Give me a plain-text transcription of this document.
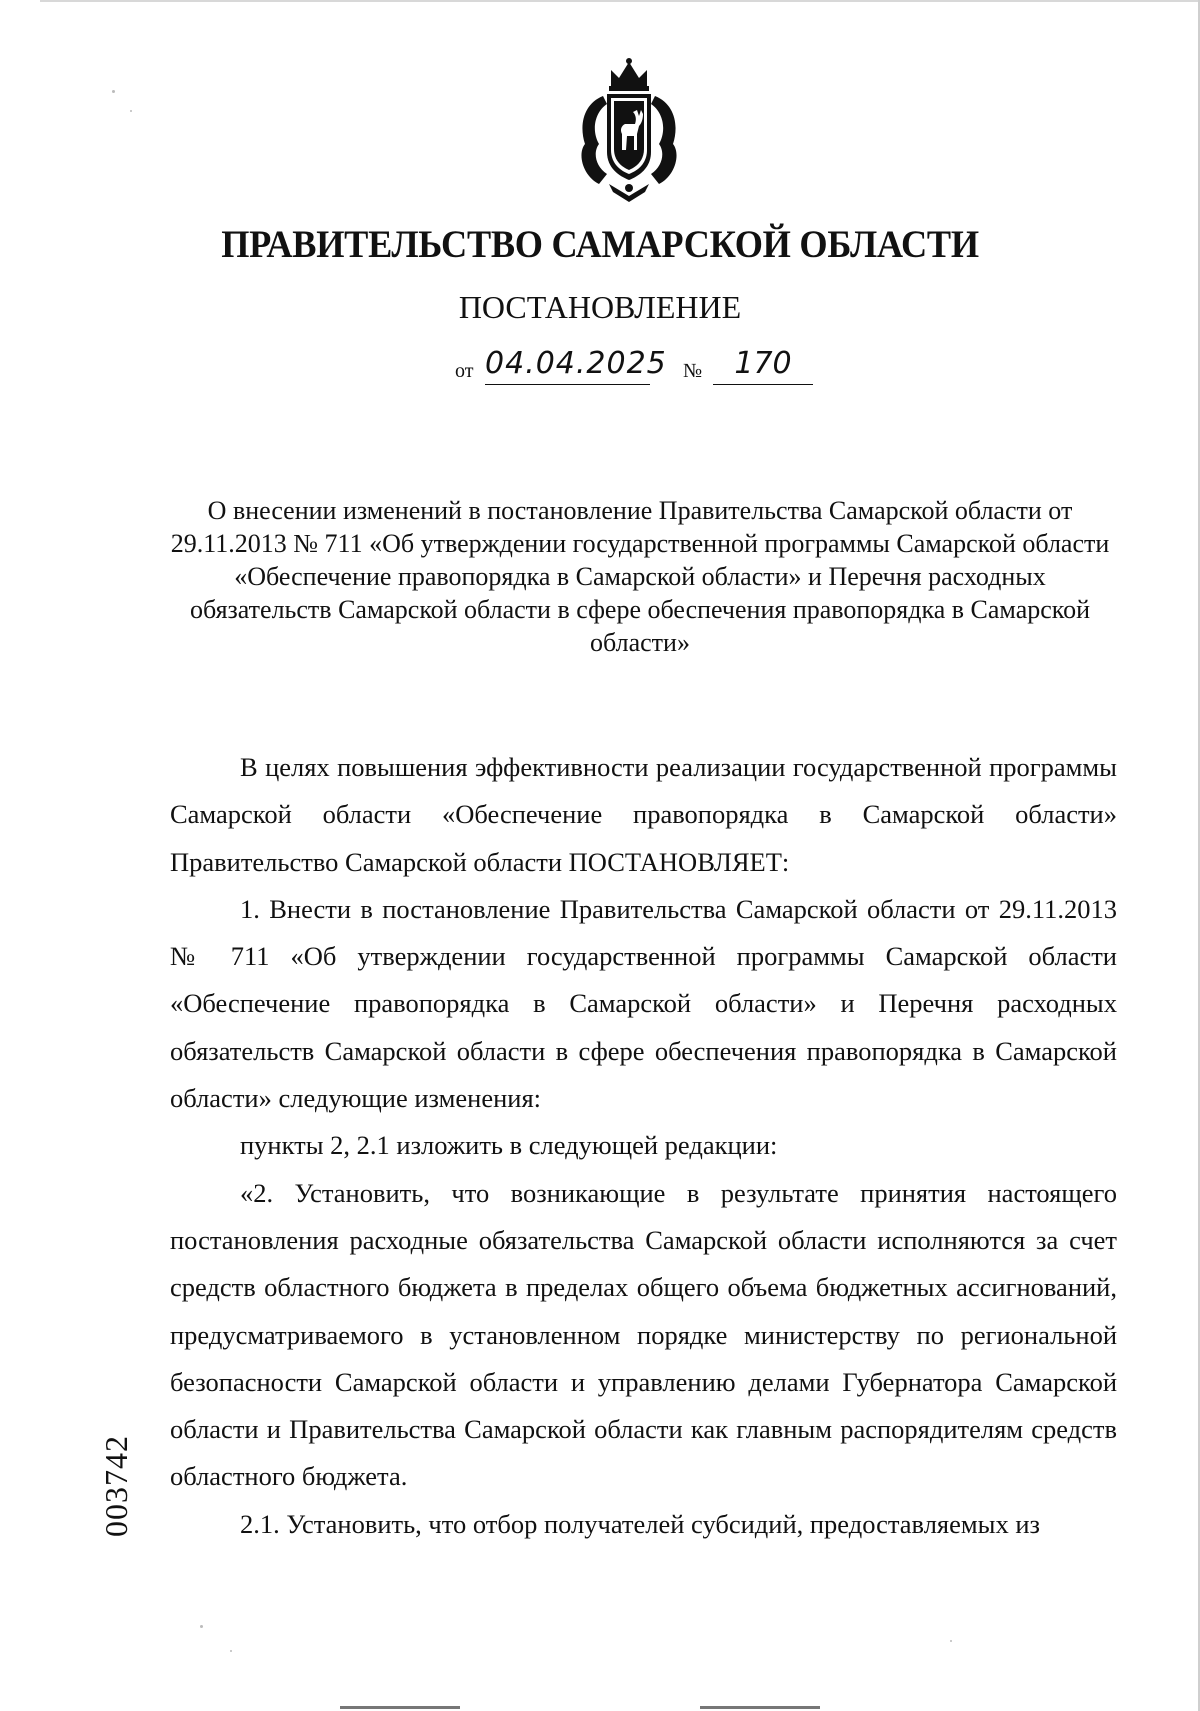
ПРАВИТЕЛЬСТВО САМАРСКОЙ ОБЛАСТИ
ПОСТАНОВЛЕНИЕ
от 04.04.2025 №	170
О внесении изменений в постановление Правительства Самарской области от 29.11.2013 № 711 «Об утверждении государственной программы Самарской области «Обеспечение правопорядка в Самарской области» и Перечня расходных обязательств Самарской области в сфере обеспечения правопорядка в Самарской области»

В целях повышения эффективности реализации государственной программы Самарской области «Обеспечение правопорядка в Самарской области» Правительство Самарской области ПОСТАНОВЛЯЕТ:

1. Внести в постановление Правительства Самарской области от 29.11.2013 № 711 «Об утверждении государственной программы Самарской области «Обеспечение правопорядка в Самарской области» и Перечня расходных обязательств Самарской области в сфере обеспечения правопорядка в Самарской области» следующие изменения:

пункты 2, 2.1 изложить в следующей редакции:

«2. Установить, что возникающие в результате принятия настоящего постановления расходные обязательства Самарской области исполняются за счет средств областного бюджета в пределах общего объема бюджетных ассигнований, предусматриваемого в установленном порядке министерству по региональной безопасности Самарской области и управлению делами Губернатора Самарской области и Правительства Самарской области как главным распорядителям средств областного бюджета.

2.1. Установить, что отбор получателей субсидий, предоставляемых из

003742
